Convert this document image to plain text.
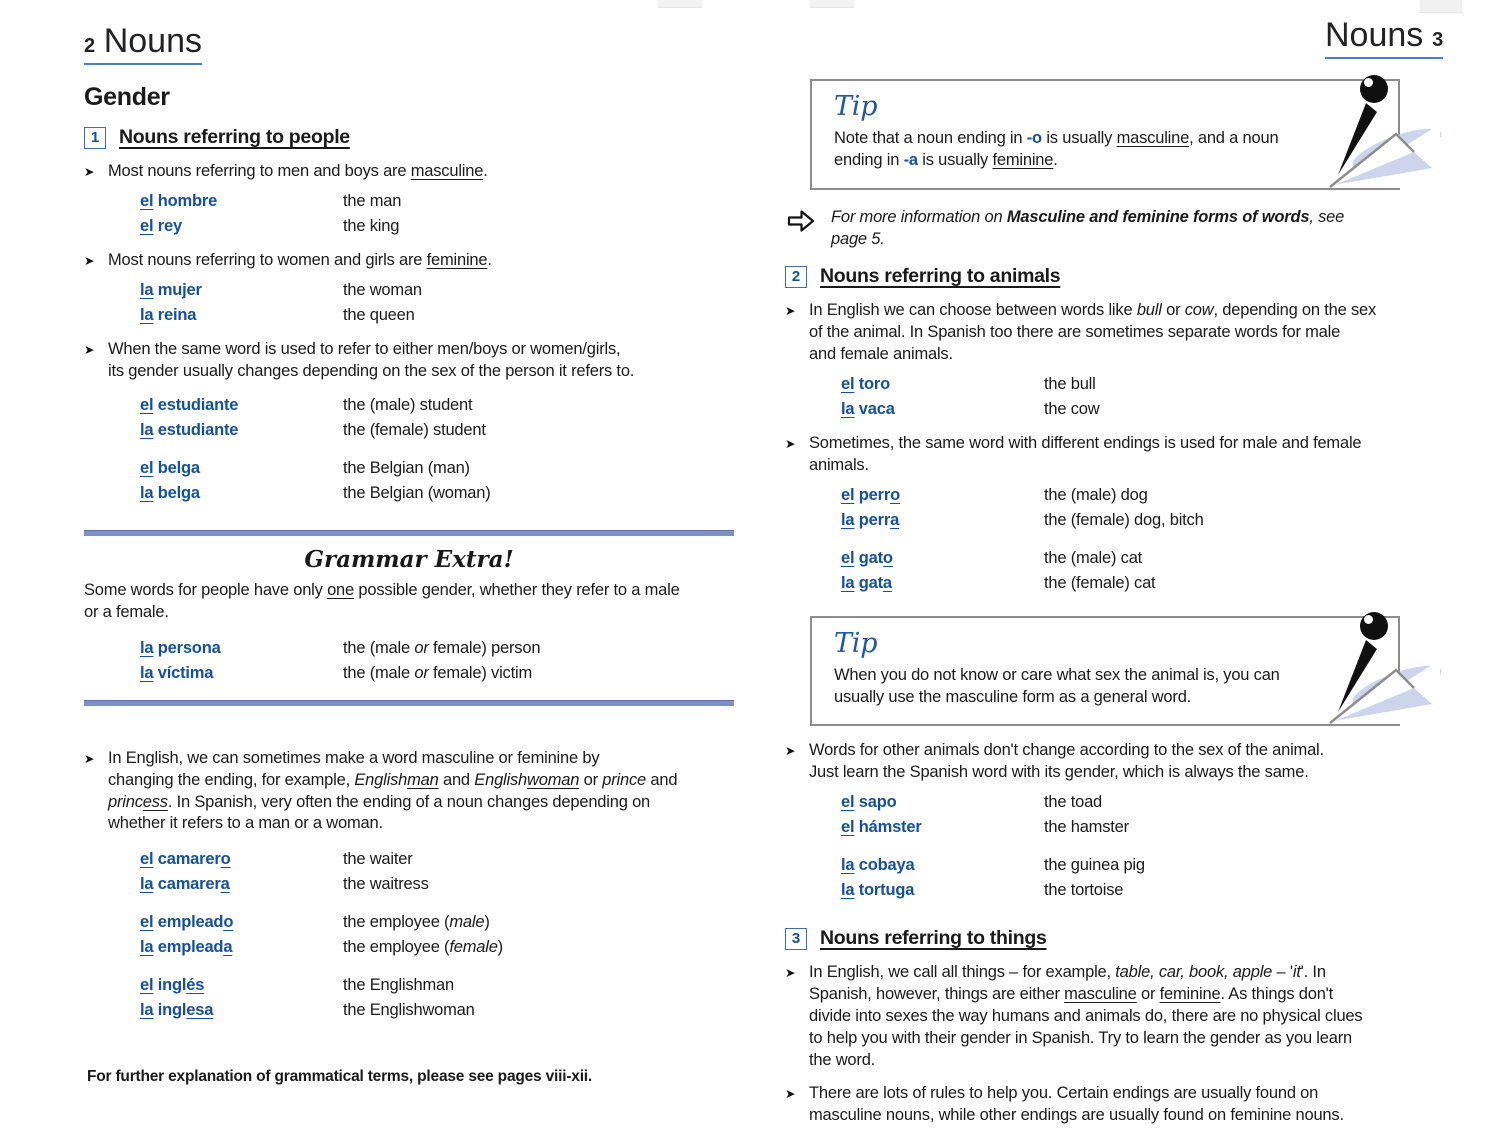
2 Nouns
Gender
1	Nouns referring to people
➤ Most nouns referring to men and boys are masculine.
el hombre	the man
el rey	the king
➤ Most nouns referring to women and girls are feminine.
la mujer	the woman
la reina	the queen
➤ When the same word is used to refer to either men/boys or women/girls,
its gender usually changes depending on the sex of the person it refers to.
el estudiante	the (male) student
la estudiante	the (female) student
el belga	the Belgian (man)
la belga	the Belgian (woman)
Grammar Extra!
Some words for people have only one possible gender, whether they refer to a male
or a female.
la persona	the (male or female) person
la víctima	the (male or female) victim
➤ In English, we can sometimes make a word masculine or feminine by
changing the ending, for example, Englishman and Englishwoman or prince and
princess. In Spanish, very often the ending of a noun changes depending on
whether it refers to a man or a woman.
el camarero	the waiter
la camarera	the waitress
el empleado	the employee (male)
la empleada	the employee (female)
el inglés	the Englishman
la inglesa	the Englishwoman
For further explanation of grammatical terms, please see pages viii-xii.
Nouns 3
Tip
Note that a noun ending in -o is usually masculine, and a noun
ending in -a is usually feminine.
For more information on Masculine and feminine forms of words, see
page 5.
2	Nouns referring to animals
➤ In English we can choose between words like bull or cow, depending on the sex
of the animal. In Spanish too there are sometimes separate words for male
and female animals.
el toro	the bull
la vaca	the cow
➤ Sometimes, the same word with different endings is used for male and female
animals.
el perro	the (male) dog
la perra	the (female) dog, bitch
el gato	the (male) cat
la gata	the (female) cat
Tip
When you do not know or care what sex the animal is, you can
usually use the masculine form as a general word.
➤ Words for other animals don't change according to the sex of the animal.
Just learn the Spanish word with its gender, which is always the same.
el sapo	the toad
el hámster	the hamster
la cobaya	the guinea pig
la tortuga	the tortoise
3	Nouns referring to things
➤ In English, we call all things – for example, table, car, book, apple – 'it'. In
Spanish, however, things are either masculine or feminine. As things don't
divide into sexes the way humans and animals do, there are no physical clues
to help you with their gender in Spanish. Try to learn the gender as you learn
the word.
➤ There are lots of rules to help you. Certain endings are usually found on
masculine nouns, while other endings are usually found on feminine nouns.
